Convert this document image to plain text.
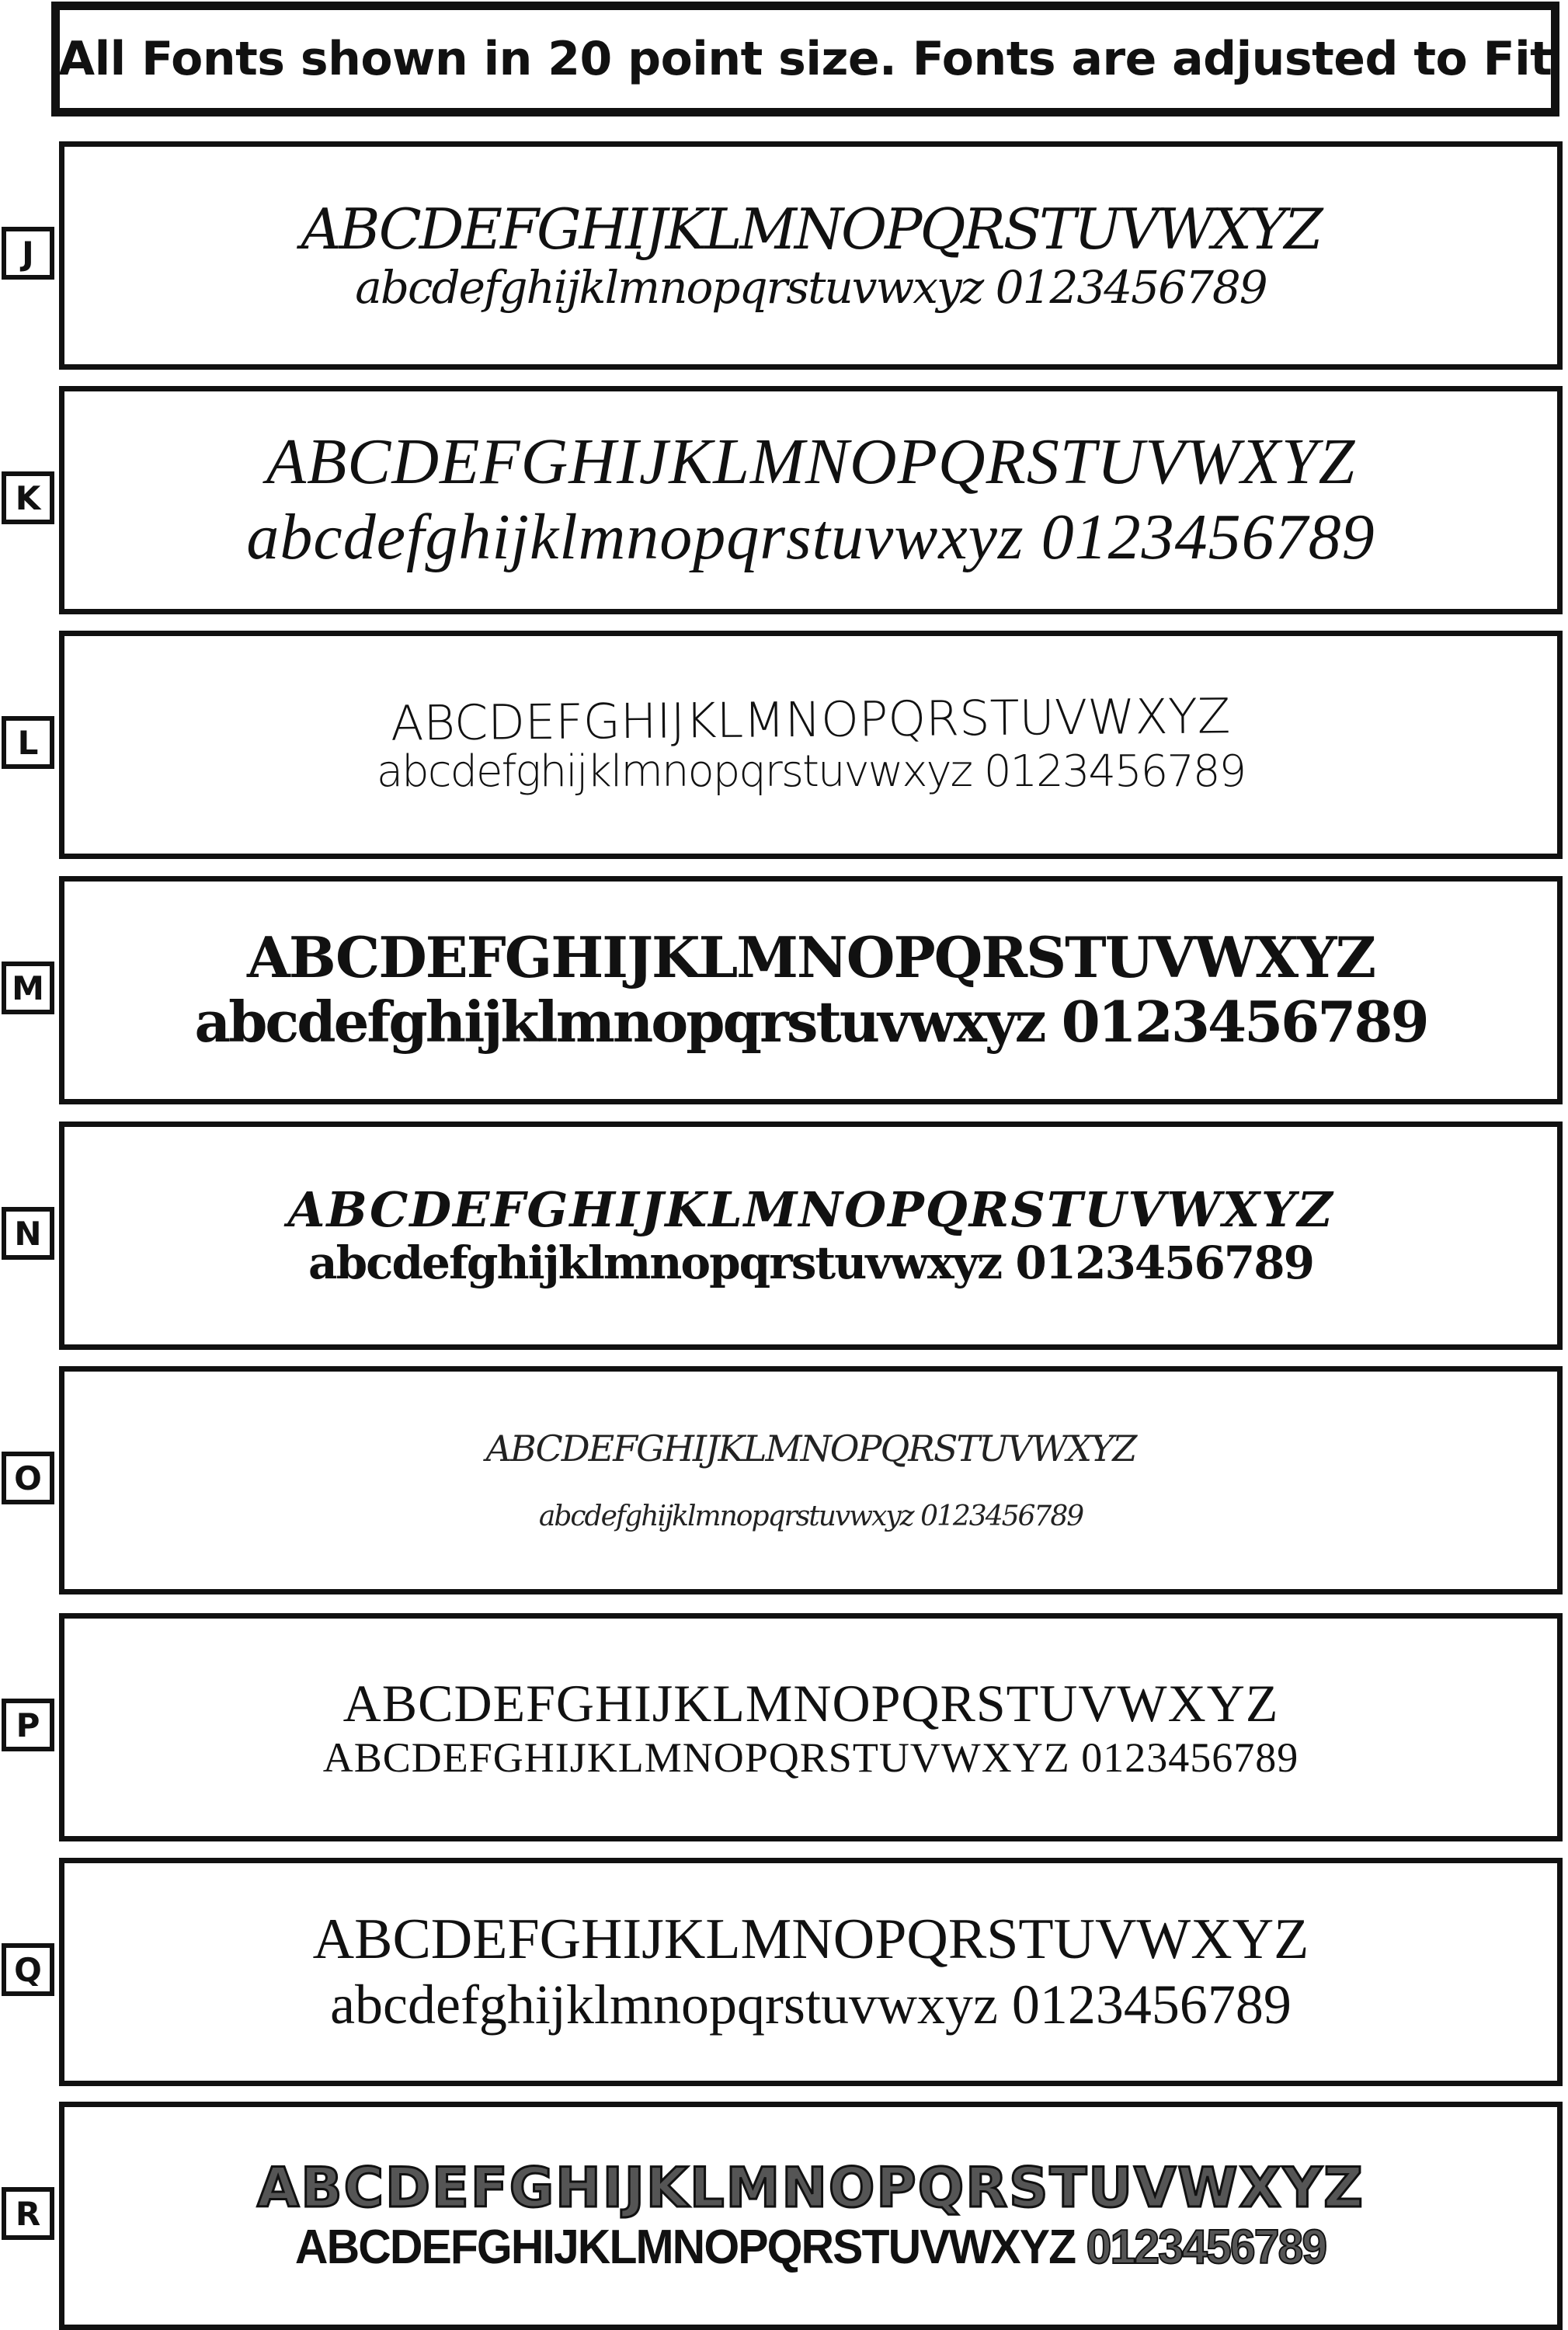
All Fonts shown in 20 point size. Fonts are adjusted to Fit
J	ABCDEFGHIJKLMNOPQRSTUVWXYZ
abcdefghijklmnopqrstuvwxyz 0123456789
K	ABCDEFGHIJKLMNOPQRSTUVWXYZ
abcdefghijklmnopqrstuvwxyz 0123456789
L	ABCDEFGHIJKLMNOPQRSTUVWXYZ
abcdefghijklmnopqrstuvwxyz 0123456789
M	ABCDEFGHIJKLMNOPQRSTUVWXYZ
abcdefghijklmnopqrstuvwxyz 0123456789
N	ABCDEFGHIJKLMNOPQRSTUVWXYZ
abcdefghijklmnopqrstuvwxyz 0123456789
O
ABCDEFGHIJKLMNOPQRSTUVWXYZ
abcdefghijklmnopqrstuvwxyz 0123456789
P	ABCDEFGHIJKLMNOPQRSTUVWXYZ
ABCDEFGHIJKLMNOPQRSTUVWXYZ 0123456789
Q	ABCDEFGHIJKLMNOPQRSTUVWXYZ
abcdefghijklmnopqrstuvwxyz 0123456789
R	ABCDEFGHIJKLMNOPQRSTUVWXYZ
ABCDEFGHIJKLMNOPQRSTUVWXYZ 0123456789
